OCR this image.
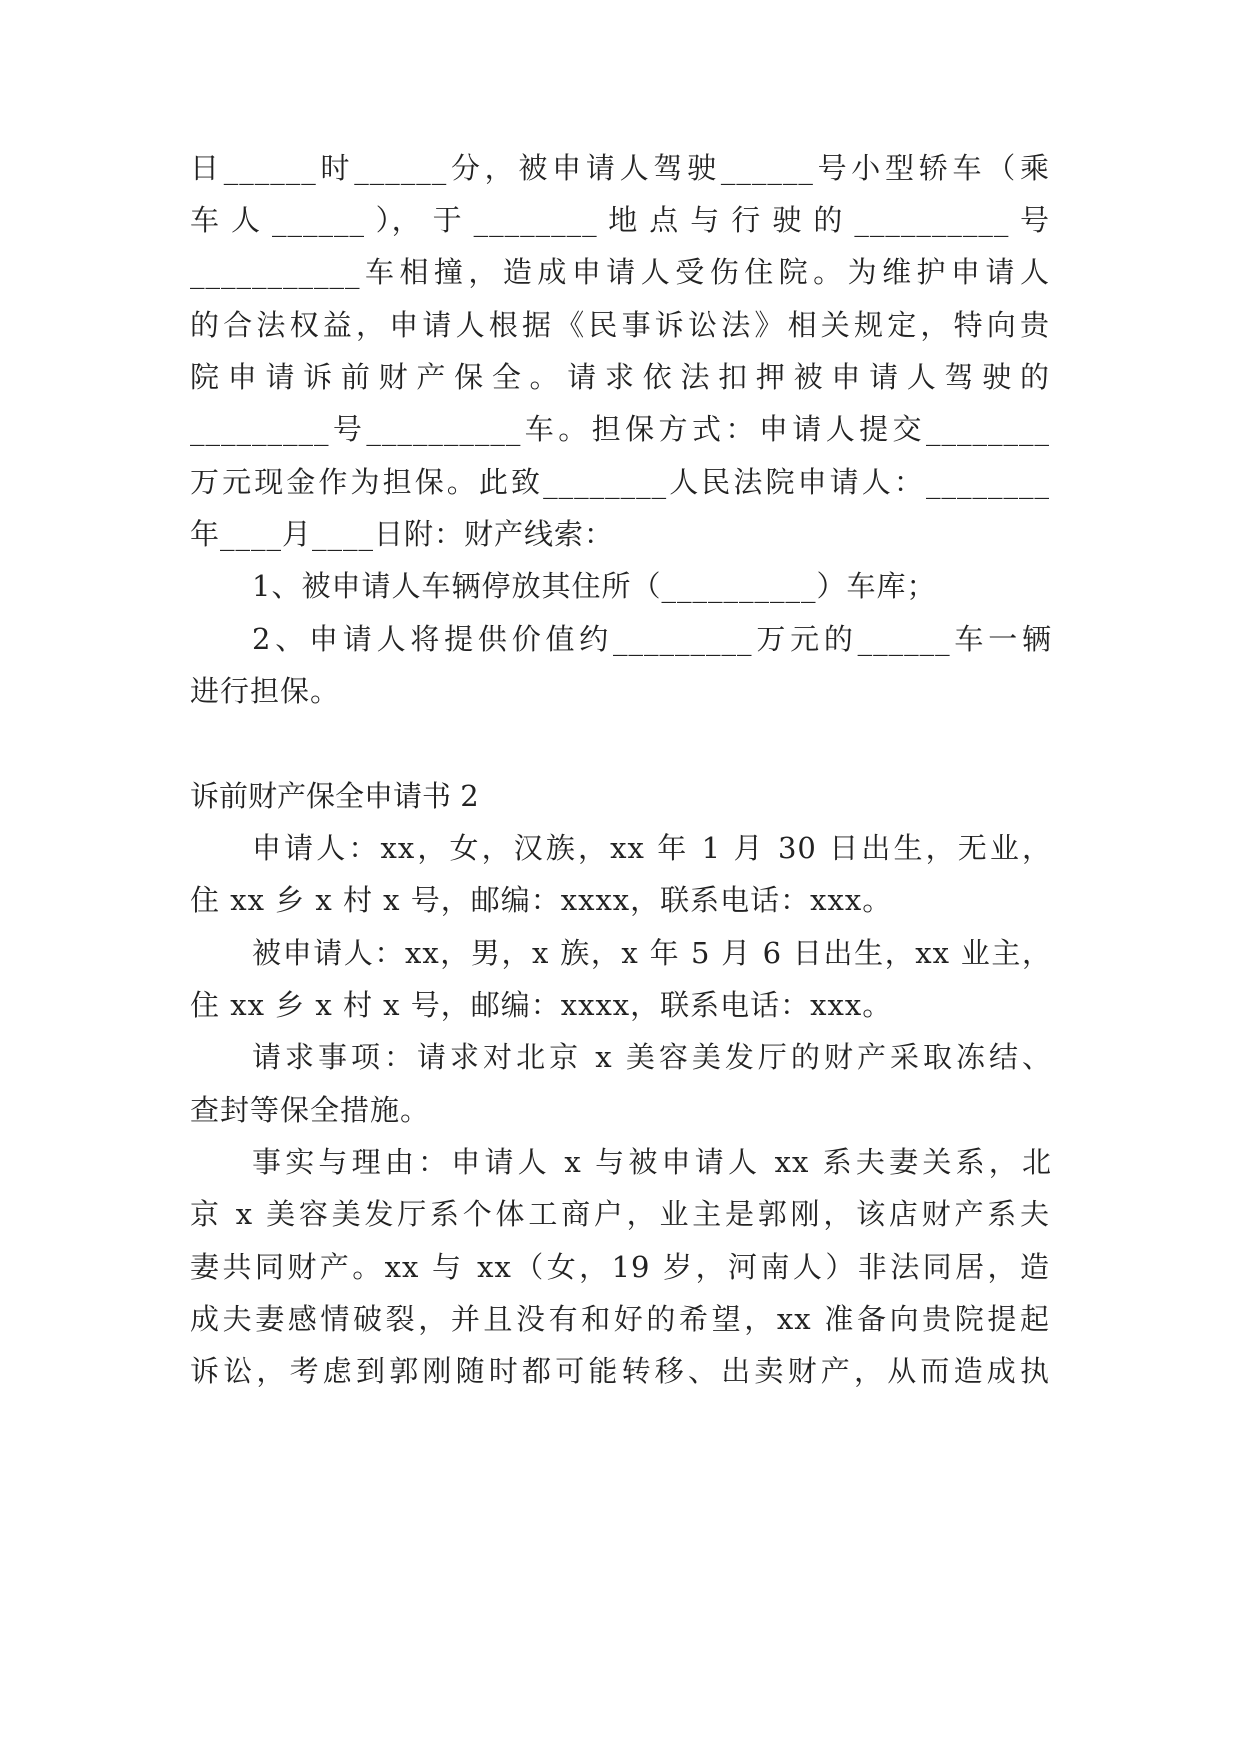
日______时______分，被申请人驾驶______号小型轿车（乘
车 人 ______ ）， 于 ________ 地 点 与 行 驶 的 __________ 号
___________车相撞，造成申请人受伤住院。为维护申请人
的合法权益，申请人根据《民事诉讼法》相关规定，特向贵
院申请诉前财产保全。请求依法扣押被申请人驾驶的
_________号__________车。担保方式：申请人提交________
万元现金作为担保。此致________人民法院申请人：________
年____月____日附：财产线索：
1、被申请人车辆停放其住所（__________）车库；
2、申请人将提供价值约_________万元的______车一辆
进行担保。
诉前财产保全申请书 2
申请人：xx，女，汉族，xx 年 1 月 30 日出生，无业，
住 xx 乡 x 村 x 号，邮编：xxxx，联系电话：xxx。
被申请人：xx，男，x 族，x 年 5 月 6 日出生，xx 业主，
住 xx 乡 x 村 x 号，邮编：xxxx，联系电话：xxx。
请求事项：请求对北京 x 美容美发厅的财产采取冻结、
查封等保全措施。
事实与理由：申请人 x 与被申请人 xx 系夫妻关系，北
京 x 美容美发厅系个体工商户，业主是郭刚，该店财产系夫
妻共同财产。xx 与 xx（女，19 岁，河南人）非法同居，造
成夫妻感情破裂，并且没有和好的希望，xx 准备向贵院提起
诉讼，考虑到郭刚随时都可能转移、出卖财产，从而造成执
